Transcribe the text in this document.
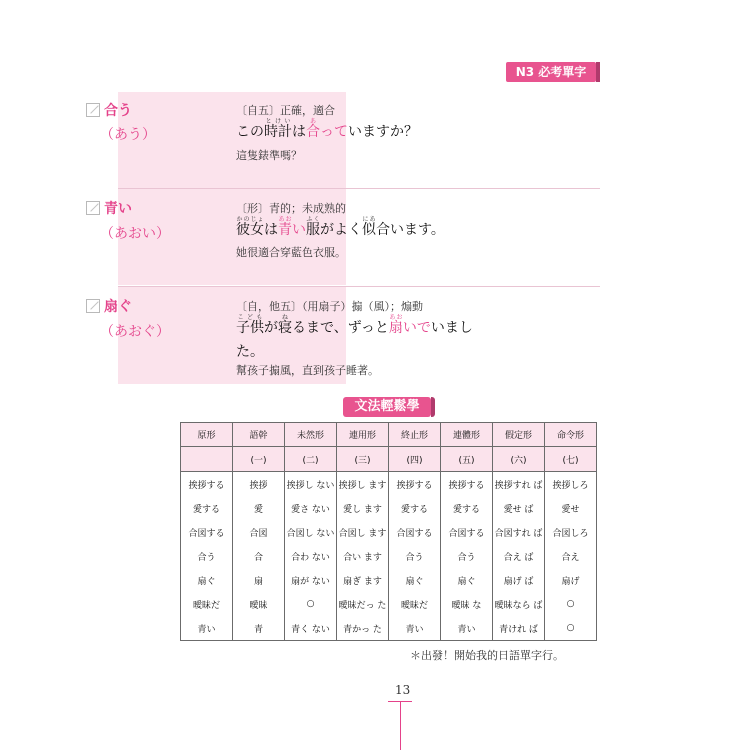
N3 必考單字
合う
（あう）
〔自五〕正確，適合
この時計とけいは合あっていますか？
這隻錶準嗎？
青い
（あおい）
〔形〕青的；未成熟的
彼女かのじょは青あおい服ふくがよく似にあ合います。
她很適合穿藍色衣服。
扇ぐ
（あおぐ）
〔自，他五〕（用扇子）搧（風）；煽動
子供こどもが寝ねるまで、ずっと扇あおいでいまし
た。
幫孩子搧風，直到孩子睡著。
文法輕鬆學
原形	語幹	未然形	連用形	終止形	連體形	假定形	命令形
	(一)	(二)	(三)	(四)	(五)	(六)	(七)
挨拶する	挨拶	挨拶し ない	挨拶し ます	挨拶する	挨拶する	挨拶すれ ば	挨拶しろ
愛する	愛	愛さ ない	愛し ます	愛する	愛する	愛せ ば	愛せ
合図する	合図	合図し ない	合図し ます	合図する	合図する	合図すれ ば	合図しろ
合う	合	合わ ない	合い ます	合う	合う	合え ば	合え
扇ぐ	扇	扇が ない	扇ぎ ます	扇ぐ	扇ぐ	扇げ ば	扇げ
曖昧だ	曖昧	○	曖昧だっ た	曖昧だ	曖昧 な	曖昧なら ば	○
青い	青	青く ない	青かっ た	青い	青い	青けれ ば	○
＊出發！開始我的日語單字行。
13
